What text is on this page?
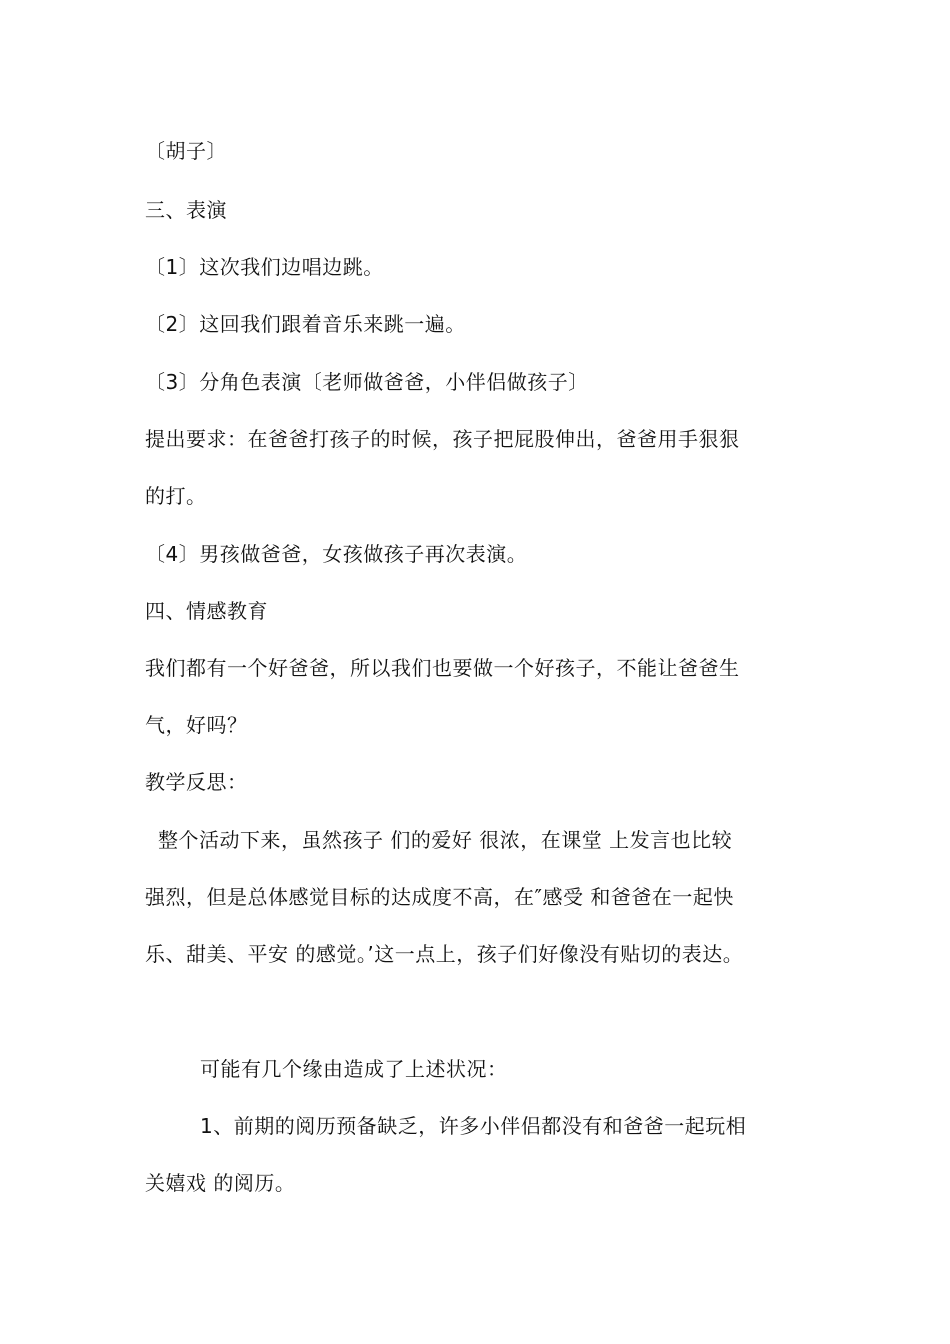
〔胡子〕
三、表演
〔1〕这次我们边唱边跳。
〔2〕这回我们跟着音乐来跳一遍。
〔3〕分角色表演〔老师做爸爸，小伴侣做孩子〕
提出要求：在爸爸打孩子的时候，孩子把屁股伸出，爸爸用手狠狠
的打。
〔4〕男孩做爸爸，女孩做孩子再次表演。
四、情感教育
我们都有一个好爸爸，所以我们也要做一个好孩子，不能让爸爸生
气，好吗？
教学反思：
整个活动下来，虽然孩子 们的爱好 很浓，在课堂 上发言也比较
强烈，但是总体感觉目标的达成度不高，在″感受 和爸爸在一起快
乐、甜美、平安 的感觉。’这一点上，孩子们好像没有贴切的表达。
可能有几个缘由造成了上述状况：
1、前期的阅历预备缺乏，许多小伴侣都没有和爸爸一起玩相
关嬉戏 的阅历。
